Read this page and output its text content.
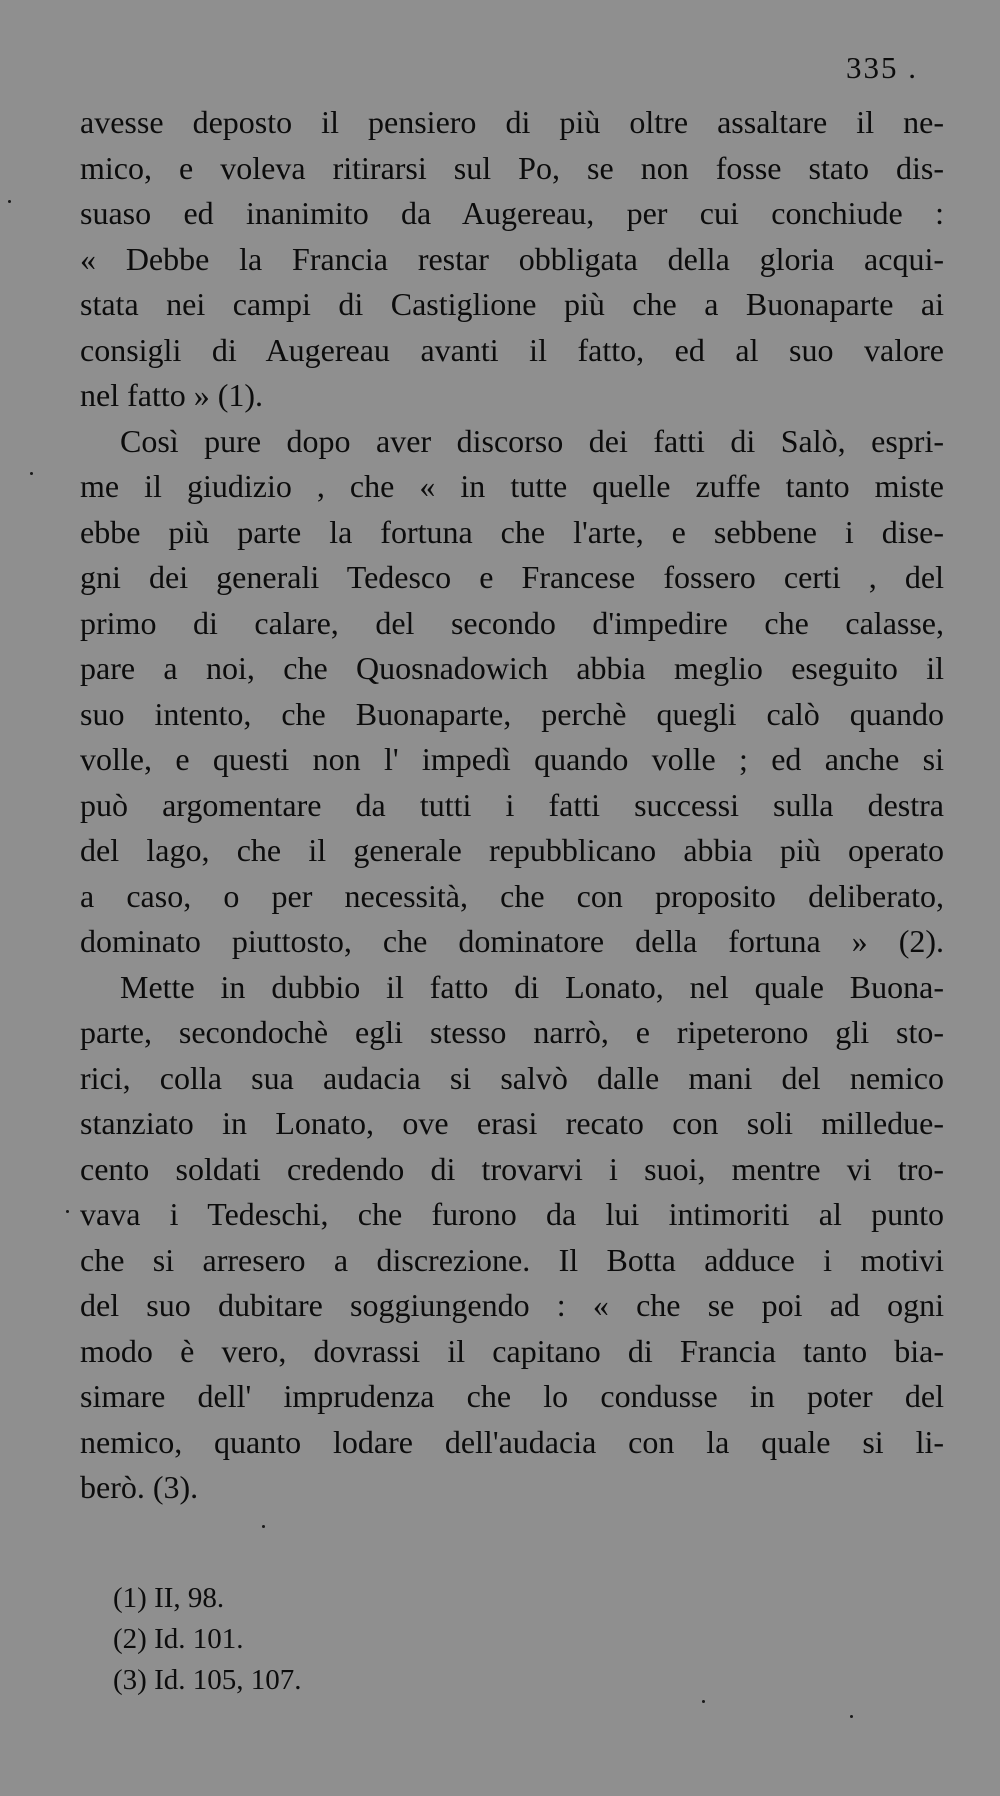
335 .
avesse deposto il pensiero di più oltre assaltare il ne-
mico, e voleva ritirarsi sul Po, se non fosse stato dis-
suaso ed inanimito da Augereau, per cui conchiude :
« Debbe la Francia restar obbligata della gloria acqui-
stata nei campi di Castiglione più che a Buonaparte ai
consigli di Augereau avanti il fatto, ed al suo valore
nel fatto » (1).
Così pure dopo aver discorso dei fatti di Salò, espri-
me il giudizio , che « in tutte quelle zuffe tanto miste
ebbe più parte la fortuna che l'arte, e sebbene i dise-
gni dei generali Tedesco e Francese fossero certi , del
primo di calare, del secondo d'impedire che calasse,
pare a noi, che Quosnadowich abbia meglio eseguito il
suo intento, che Buonaparte, perchè quegli calò quando
volle, e questi non l' impedì quando volle ; ed anche si
può argomentare da tutti i fatti successi sulla destra
del lago, che il generale repubblicano abbia più operato
a caso, o per necessità, che con proposito deliberato,
dominato piuttosto, che dominatore della fortuna » (2).
Mette in dubbio il fatto di Lonato, nel quale Buona-
parte, secondochè egli stesso narrò, e ripeterono gli sto-
rici, colla sua audacia si salvò dalle mani del nemico
stanziato in Lonato, ove erasi recato con soli milledue-
cento soldati credendo di trovarvi i suoi, mentre vi tro-
vava i Tedeschi, che furono da lui intimoriti al punto
che si arresero a discrezione. Il Botta adduce i motivi
del suo dubitare soggiungendo : « che se poi ad ogni
modo è vero, dovrassi il capitano di Francia tanto bia-
simare dell' imprudenza che lo condusse in poter del
nemico, quanto lodare dell'audacia con la quale si li-
berò. (3).
(1) II, 98.
(2) Id. 101.
(3) Id. 105, 107.
